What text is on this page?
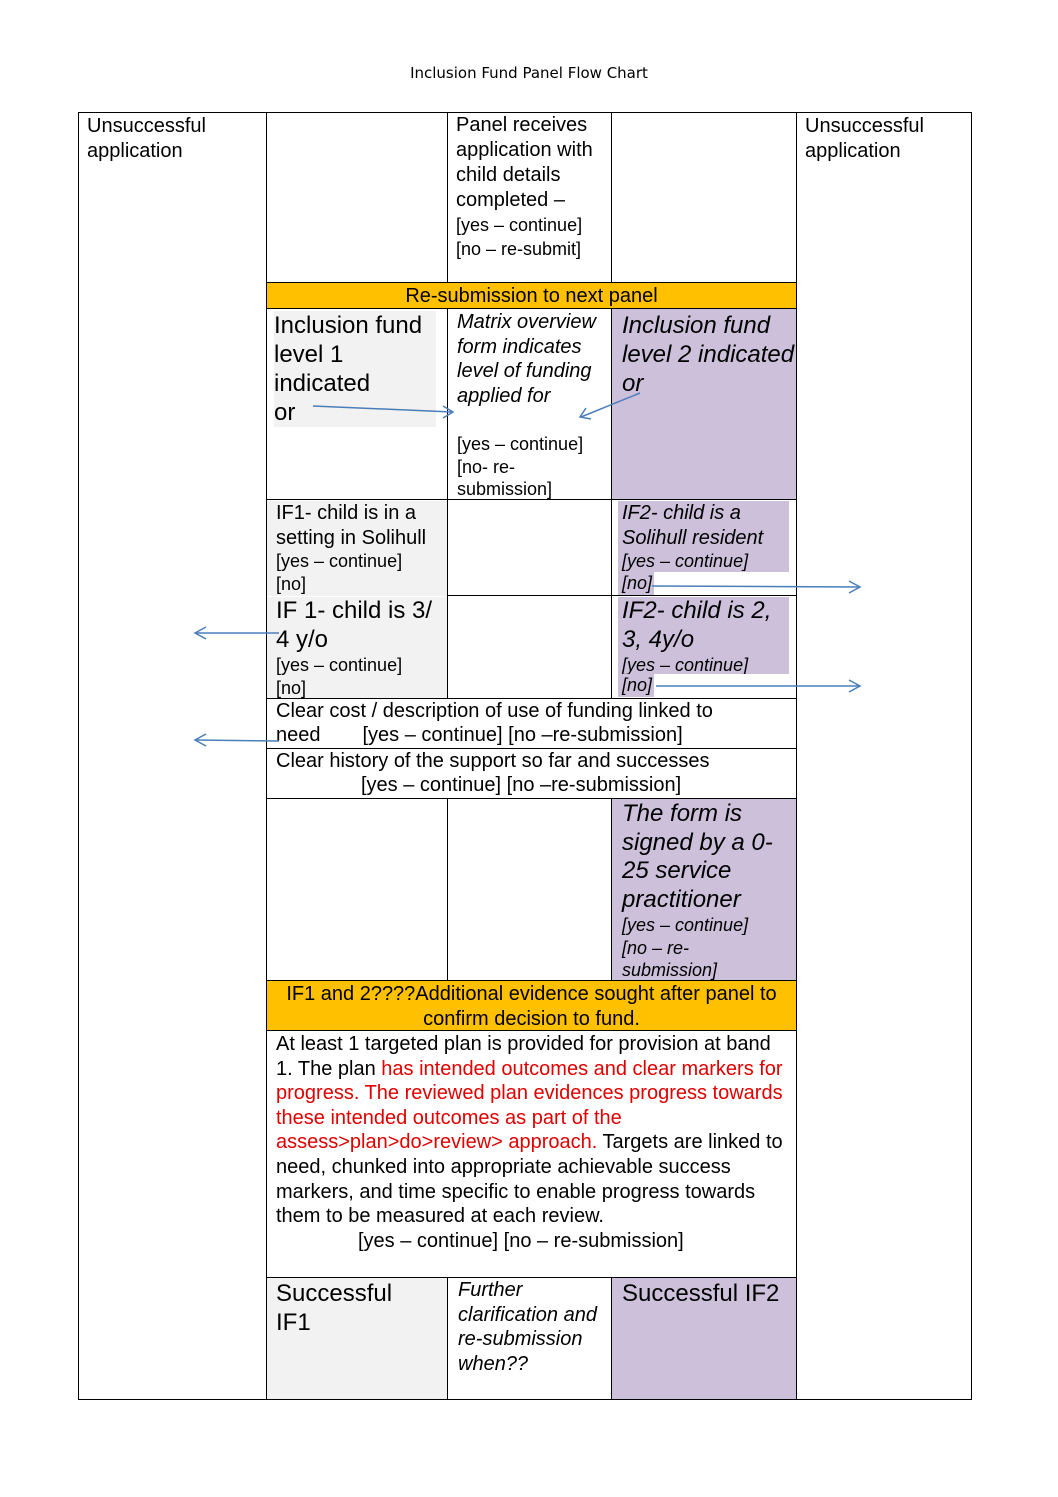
Inclusion Fund Panel Flow Chart
Unsuccessful application
Unsuccessful application
Panel receives application with child details completed –
[yes – continue]
[no – re-submit]
Re-submission to next panel
Inclusion fund level 1 indicated
or
Matrix overview form indicates level of funding applied for
[yes – continue]
[no- re-submission]
Inclusion fund level 2 indicated
or
IF1- child is in a setting in Solihull
[yes – continue]
[no]
IF2- child is a Solihull resident
[yes – continue]
[no]
IF 1- child is 3/ 4 y/o
[yes – continue]
[no]
IF2- child is 2, 3, 4y/o
[yes – continue]
[no]
Clear cost / description of use of funding linked to
need [yes – continue] [no –re-submission]
Clear history of the support so far and successes
[yes – continue] [no –re-submission]
The form is signed by a 0-25 service practitioner
[yes – continue]
[no – re-submission]
IF1 and 2????Additional evidence sought after panel to confirm decision to fund.
At least 1 targeted plan is provided for provision at band 1. The plan has intended outcomes and clear markers for progress. The reviewed plan evidences progress towards these intended outcomes as part of the assess>plan>do>review> approach. Targets are linked to need, chunked into appropriate achievable success markers, and time specific to enable progress towards them to be measured at each review.
[yes – continue] [no – re-submission]
Successful IF1
Further clarification and re-submission when??
Successful IF2
